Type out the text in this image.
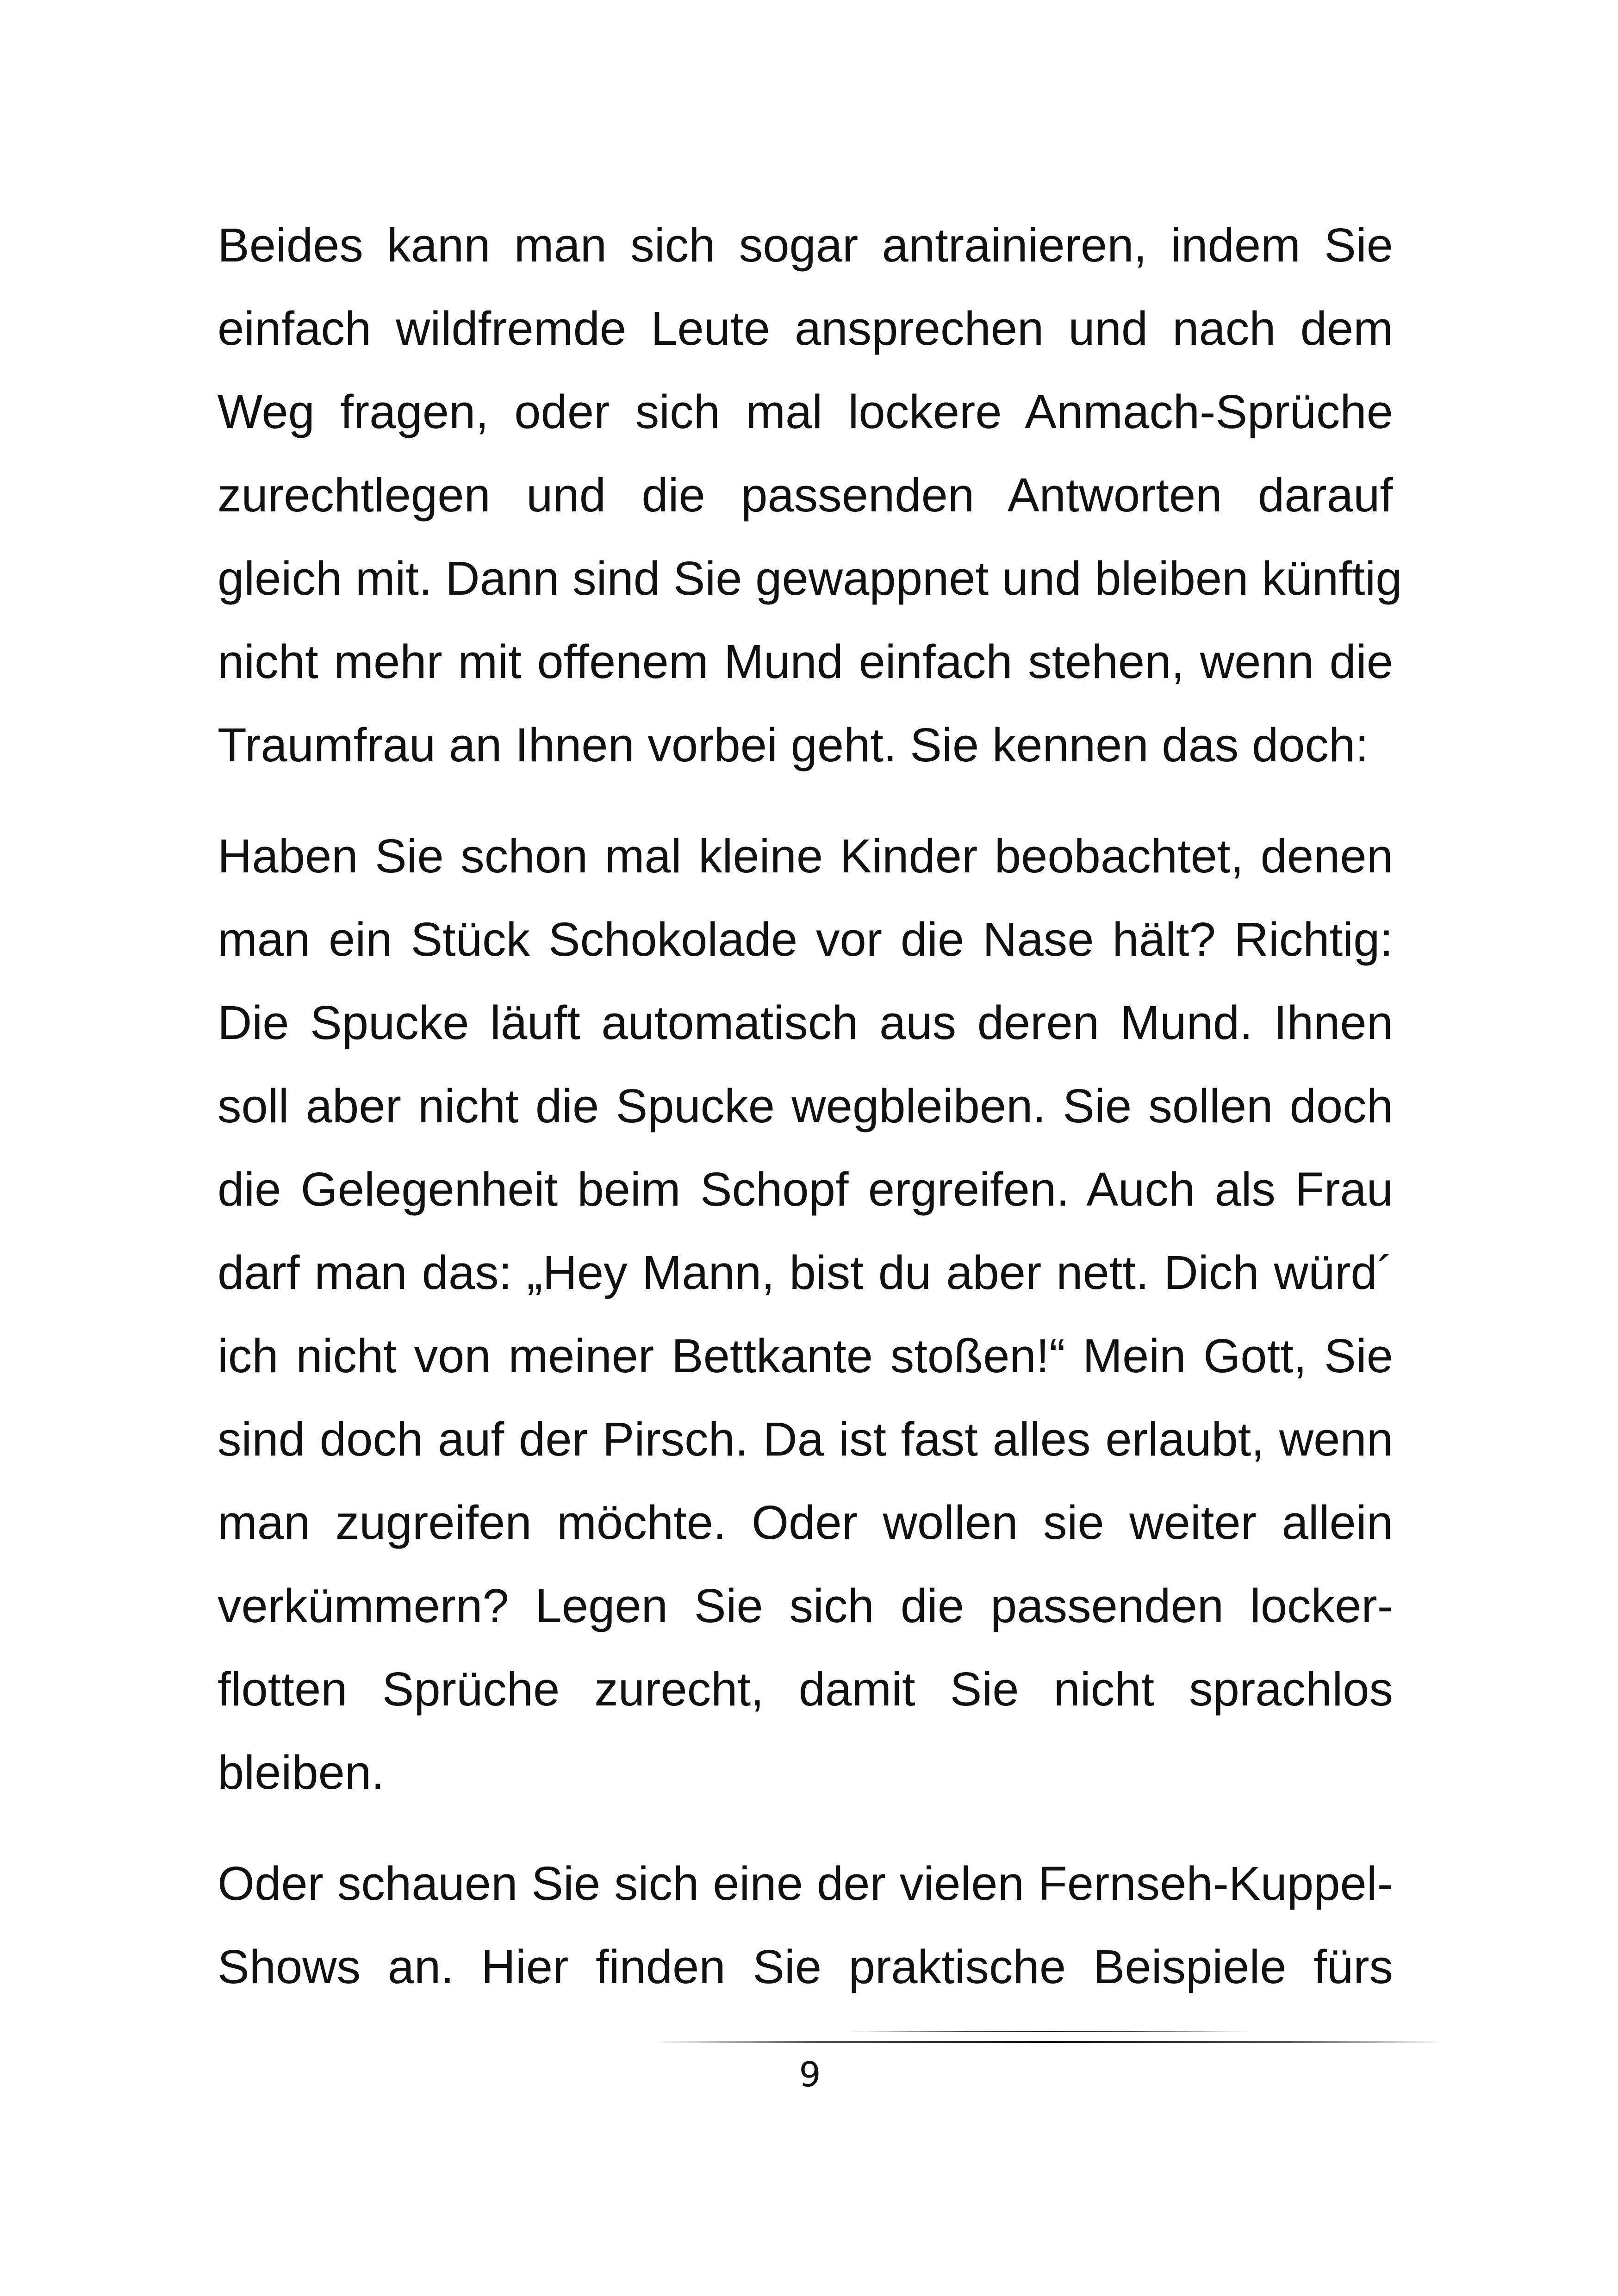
Beides kann man sich sogar antrainieren, indem Sie
einfach wildfremde Leute ansprechen und nach dem
Weg fragen, oder sich mal lockere Anmach-Sprüche
zurechtlegen und die passenden Antworten darauf
gleich mit. Dann sind Sie gewappnet und bleiben künftig
nicht mehr mit offenem Mund einfach stehen, wenn die
Traumfrau an Ihnen vorbei geht. Sie kennen das doch:

Haben Sie schon mal kleine Kinder beobachtet, denen
man ein Stück Schokolade vor die Nase hält? Richtig:
Die Spucke läuft automatisch aus deren Mund. Ihnen
soll aber nicht die Spucke wegbleiben. Sie sollen doch
die Gelegenheit beim Schopf ergreifen. Auch als Frau
darf man das: „Hey Mann, bist du aber nett. Dich würd´
ich nicht von meiner Bettkante stoßen!“ Mein Gott, Sie
sind doch auf der Pirsch. Da ist fast alles erlaubt, wenn
man zugreifen möchte. Oder wollen sie weiter allein
verkümmern? Legen Sie sich die passenden locker-
flotten Sprüche zurecht, damit Sie nicht sprachlos
bleiben.

Oder schauen Sie sich eine der vielen Fernseh-Kuppel-
Shows an. Hier finden Sie praktische Beispiele fürs

9
